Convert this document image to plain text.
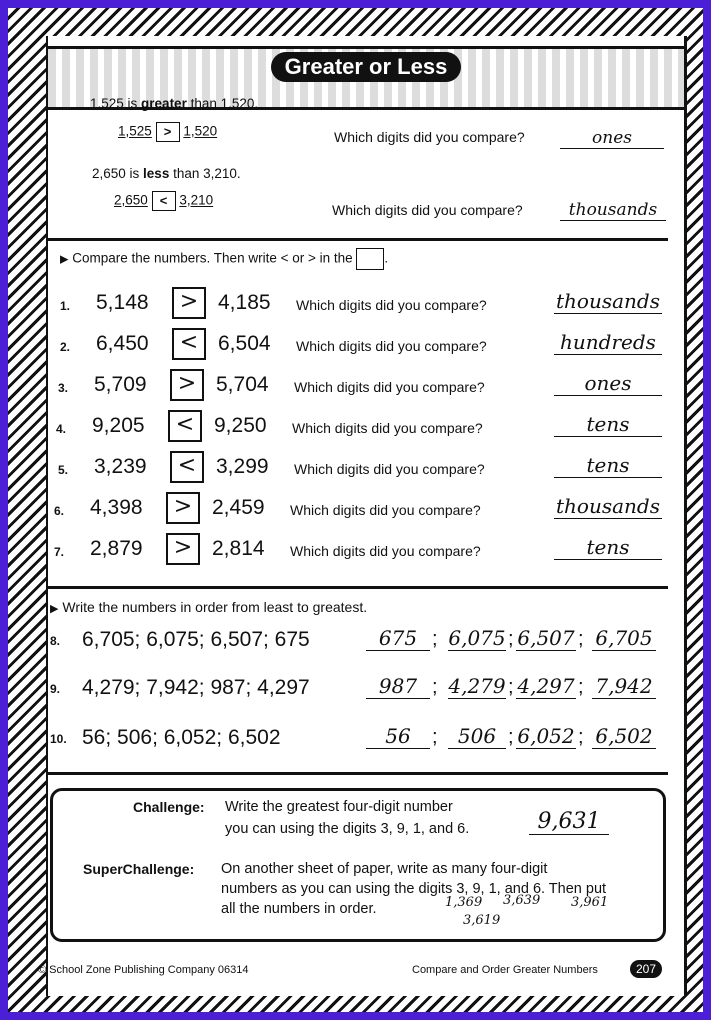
Greater or Less
1,525 is greater than 1,520.
1,525 > 1,520	Which digits did you compare?	ones
2,650 is less than 3,210.
2,650 < 3,210
Which digits did you compare?	thousands
▶ Compare the numbers. Then write < or > in the .
1. 5,148	> 4,185 Which digits did you compare?	thousands
2. 6,450	< 6,504 Which digits did you compare?	hundreds
3. 5,709	> 5,704 Which digits did you compare?	ones
4. 9,205	< 9,250 Which digits did you compare?	tens
5. 3,239	< 3,299 Which digits did you compare?	tens
6. 4,398	> 2,459 Which digits did you compare?	thousands
7. 2,879	> 2,814 Which digits did you compare?	tens
▶ Write the numbers in order from least to greatest.
8. 6,705; 6,075; 6,507; 675	675 ; 6,075 ; 6,507 ; 6,705
9. 4,279; 7,942; 987; 4,297	987 ; 4,279 ; 4,297 ; 7,942
10. 56; 506; 6,052; 6,502	56	;	506 ; 6,052 ; 6,502
Challenge: Write the greatest four-digit number
you can using the digits 3, 9, 1, and 6.	9,631
SuperChallenge: On another sheet of paper, write as many four-digit
numbers as you can using the digits 3, 9, 1, and 6. Then put
all the numbers in order.	1,369 3,639 3,961
3,619
© School Zone Publishing Company 06314	Compare and Order Greater Numbers	207
